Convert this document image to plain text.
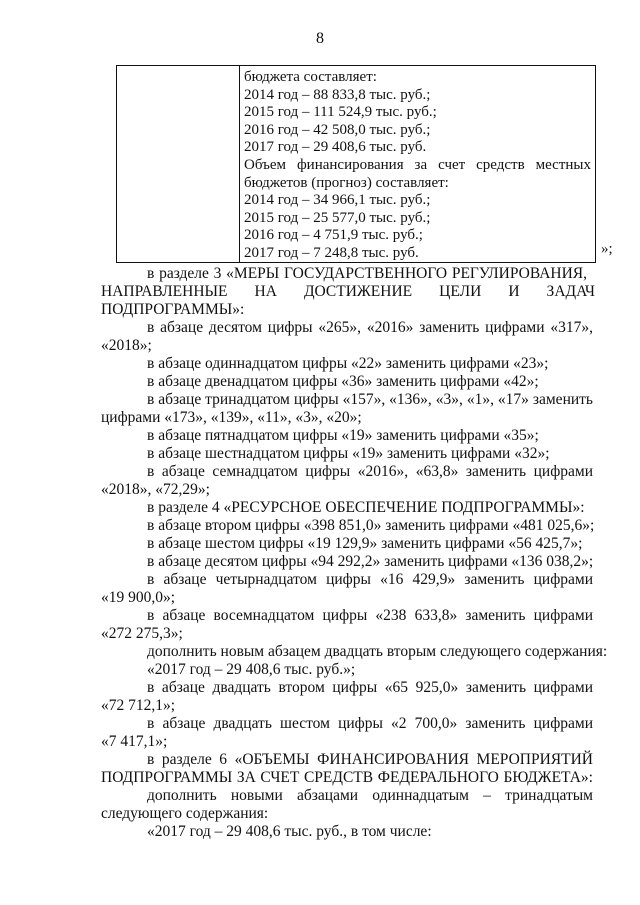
8
бюджета составляет:
2014 год – 88 833,8 тыс. руб.;
2015 год – 111 524,9 тыс. руб.;
2016 год – 42 508,0 тыс. руб.;
2017 год – 29 408,6 тыс. руб.
Объем финансирования за счет средств местных
бюджетов (прогноз) составляет:
2014 год – 34 966,1 тыс. руб.;
2015 год – 25 577,0 тыс. руб.;
2016 год – 4 751,9 тыс. руб.;
2017 год – 7 248,8 тыс. руб.	»;
в разделе 3 «МЕРЫ ГОСУДАРСТВЕННОГО РЕГУЛИРОВАНИЯ,
НАПРАВЛЕННЫЕ НА ДОСТИЖЕНИЕ ЦЕЛИ И ЗАДАЧ
ПОДПРОГРАММЫ»:
в абзаце десятом цифры «265», «2016» заменить цифрами «317»,
«2018»;
в абзаце одиннадцатом цифры «22» заменить цифрами «23»;
в абзаце двенадцатом цифры «36» заменить цифрами «42»;
в абзаце тринадцатом цифры «157», «136», «3», «1», «17» заменить
цифрами «173», «139», «11», «3», «20»;
в абзаце пятнадцатом цифры «19» заменить цифрами «35»;
в абзаце шестнадцатом цифры «19» заменить цифрами «32»;
в абзаце семнадцатом цифры «2016», «63,8» заменить цифрами
«2018», «72,29»;
в разделе 4 «РЕСУРСНОЕ ОБЕСПЕЧЕНИЕ ПОДПРОГРАММЫ»:
в абзаце втором цифры «398 851,0» заменить цифрами «481 025,6»;
в абзаце шестом цифры «19 129,9» заменить цифрами «56 425,7»;
в абзаце десятом цифры «94 292,2» заменить цифрами «136 038,2»;
в абзаце четырнадцатом цифры «16 429,9» заменить цифрами
«19 900,0»;
в абзаце восемнадцатом цифры «238 633,8» заменить цифрами
«272 275,3»;
дополнить новым абзацем двадцать вторым следующего содержания:
«2017 год – 29 408,6 тыс. руб.»;
в абзаце двадцать втором цифры «65 925,0» заменить цифрами
«72 712,1»;
в абзаце двадцать шестом цифры «2 700,0» заменить цифрами
«7 417,1»;
в разделе 6 «ОБЪЕМЫ ФИНАНСИРОВАНИЯ МЕРОПРИЯТИЙ
ПОДПРОГРАММЫ ЗА СЧЕТ СРЕДСТВ ФЕДЕРАЛЬНОГО БЮДЖЕТА»:
дополнить новыми абзацами одиннадцатым – тринадцатым
следующего содержания:
«2017 год – 29 408,6 тыс. руб., в том числе:
